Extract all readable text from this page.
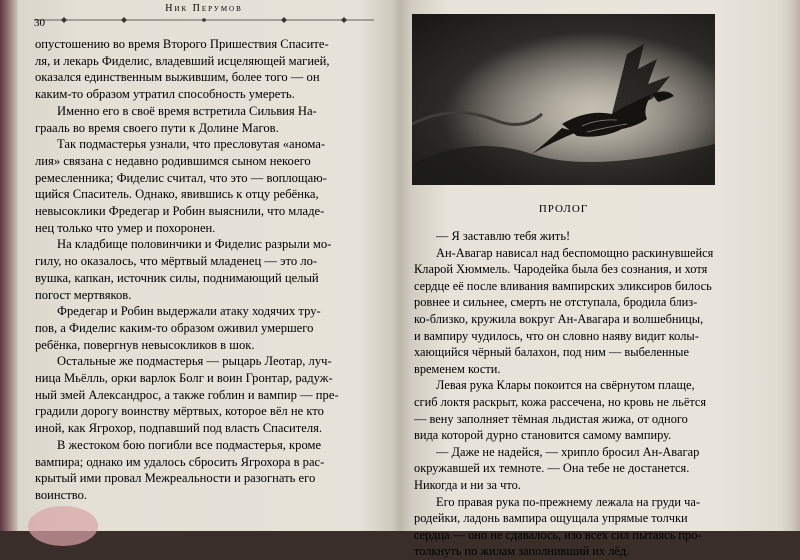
Ник Перумов
30
опустошению во время Второго Пришествия Спасите-
ля, и лекарь Фиделис, владевший исцеляющей магией,
оказался единственным выжившим, более того — он
каким-то образом утратил способность умереть.
Именно его в своё время встретила Сильвия На-
грааль во время своего пути к Долине Магов.
Так подмастерья узнали, что пресловутая «анома-
лия» связана с недавно родившимся сыном некоего
ремесленника; Фиделис считал, что это — воплощаю-
щийся Спаситель. Однако, явившись к отцу ребёнка,
невысоклики Фредегар и Робин выяснили, что младе-
нец только что умер и похоронен.
На кладбище половинчики и Фиделис разрыли мо-
гилу, но оказалось, что мёртвый младенец — это ло-
вушка, капкан, источник силы, поднимающий целый
погост мертвяков.
Фредегар и Робин выдержали атаку ходячих тру-
пов, а Фиделис каким-то образом оживил умершего
ребёнка, повергнув невысокликов в шок.
Остальные же подмастерья — рыцарь Леотар, луч-
ница Мьёлль, орки варлок Болг и воин Гронтар, радуж-
ный змей Александрос, а также гоблин и вампир — пре-
градили дорогу воинству мёртвых, которое вёл не кто
иной, как Ягрохор, подпавший под власть Спасителя.
В жестоком бою погибли все подмастерья, кроме
вампира; однако им удалось сбросить Ягрохора в рас-
крытый ими провал Межреальности и разогнать его
воинство.
ПРОЛОГ
— Я заставлю тебя жить!
Ан-Авагар нависал над беспомощно раскинувшейся
Кларой Хюммель. Чародейка была без сознания, и хотя
сердце её после вливания вампирских эликсиров билось
ровнее и сильнее, смерть не отступала, бродила близ-
ко-близко, кружила вокруг Ан-Авагара и волшебницы,
и вампиру чудилось, что он словно наяву видит колы-
хающийся чёрный балахон, под ним — выбеленные
временем кости.
Левая рука Клары покоится на свёрнутом плаще,
сгиб локтя раскрыт, кожа рассечена, но кровь не льётся
— вену заполняет тёмная льдистая жижа, от одного
вида которой дурно становится самому вампиру.
— Даже не надейся, — хрипло бросил Ан-Авагар
окружавшей их темноте. — Она тебе не достанется.
Никогда и ни за что.
Его правая рука по-прежнему лежала на груди ча-
родейки, ладонь вампира ощущала упрямые толчки
сердца — оно не сдавалось, изо всех сил пытаясь про-
толкнуть по жилам заполнивший их лёд.
